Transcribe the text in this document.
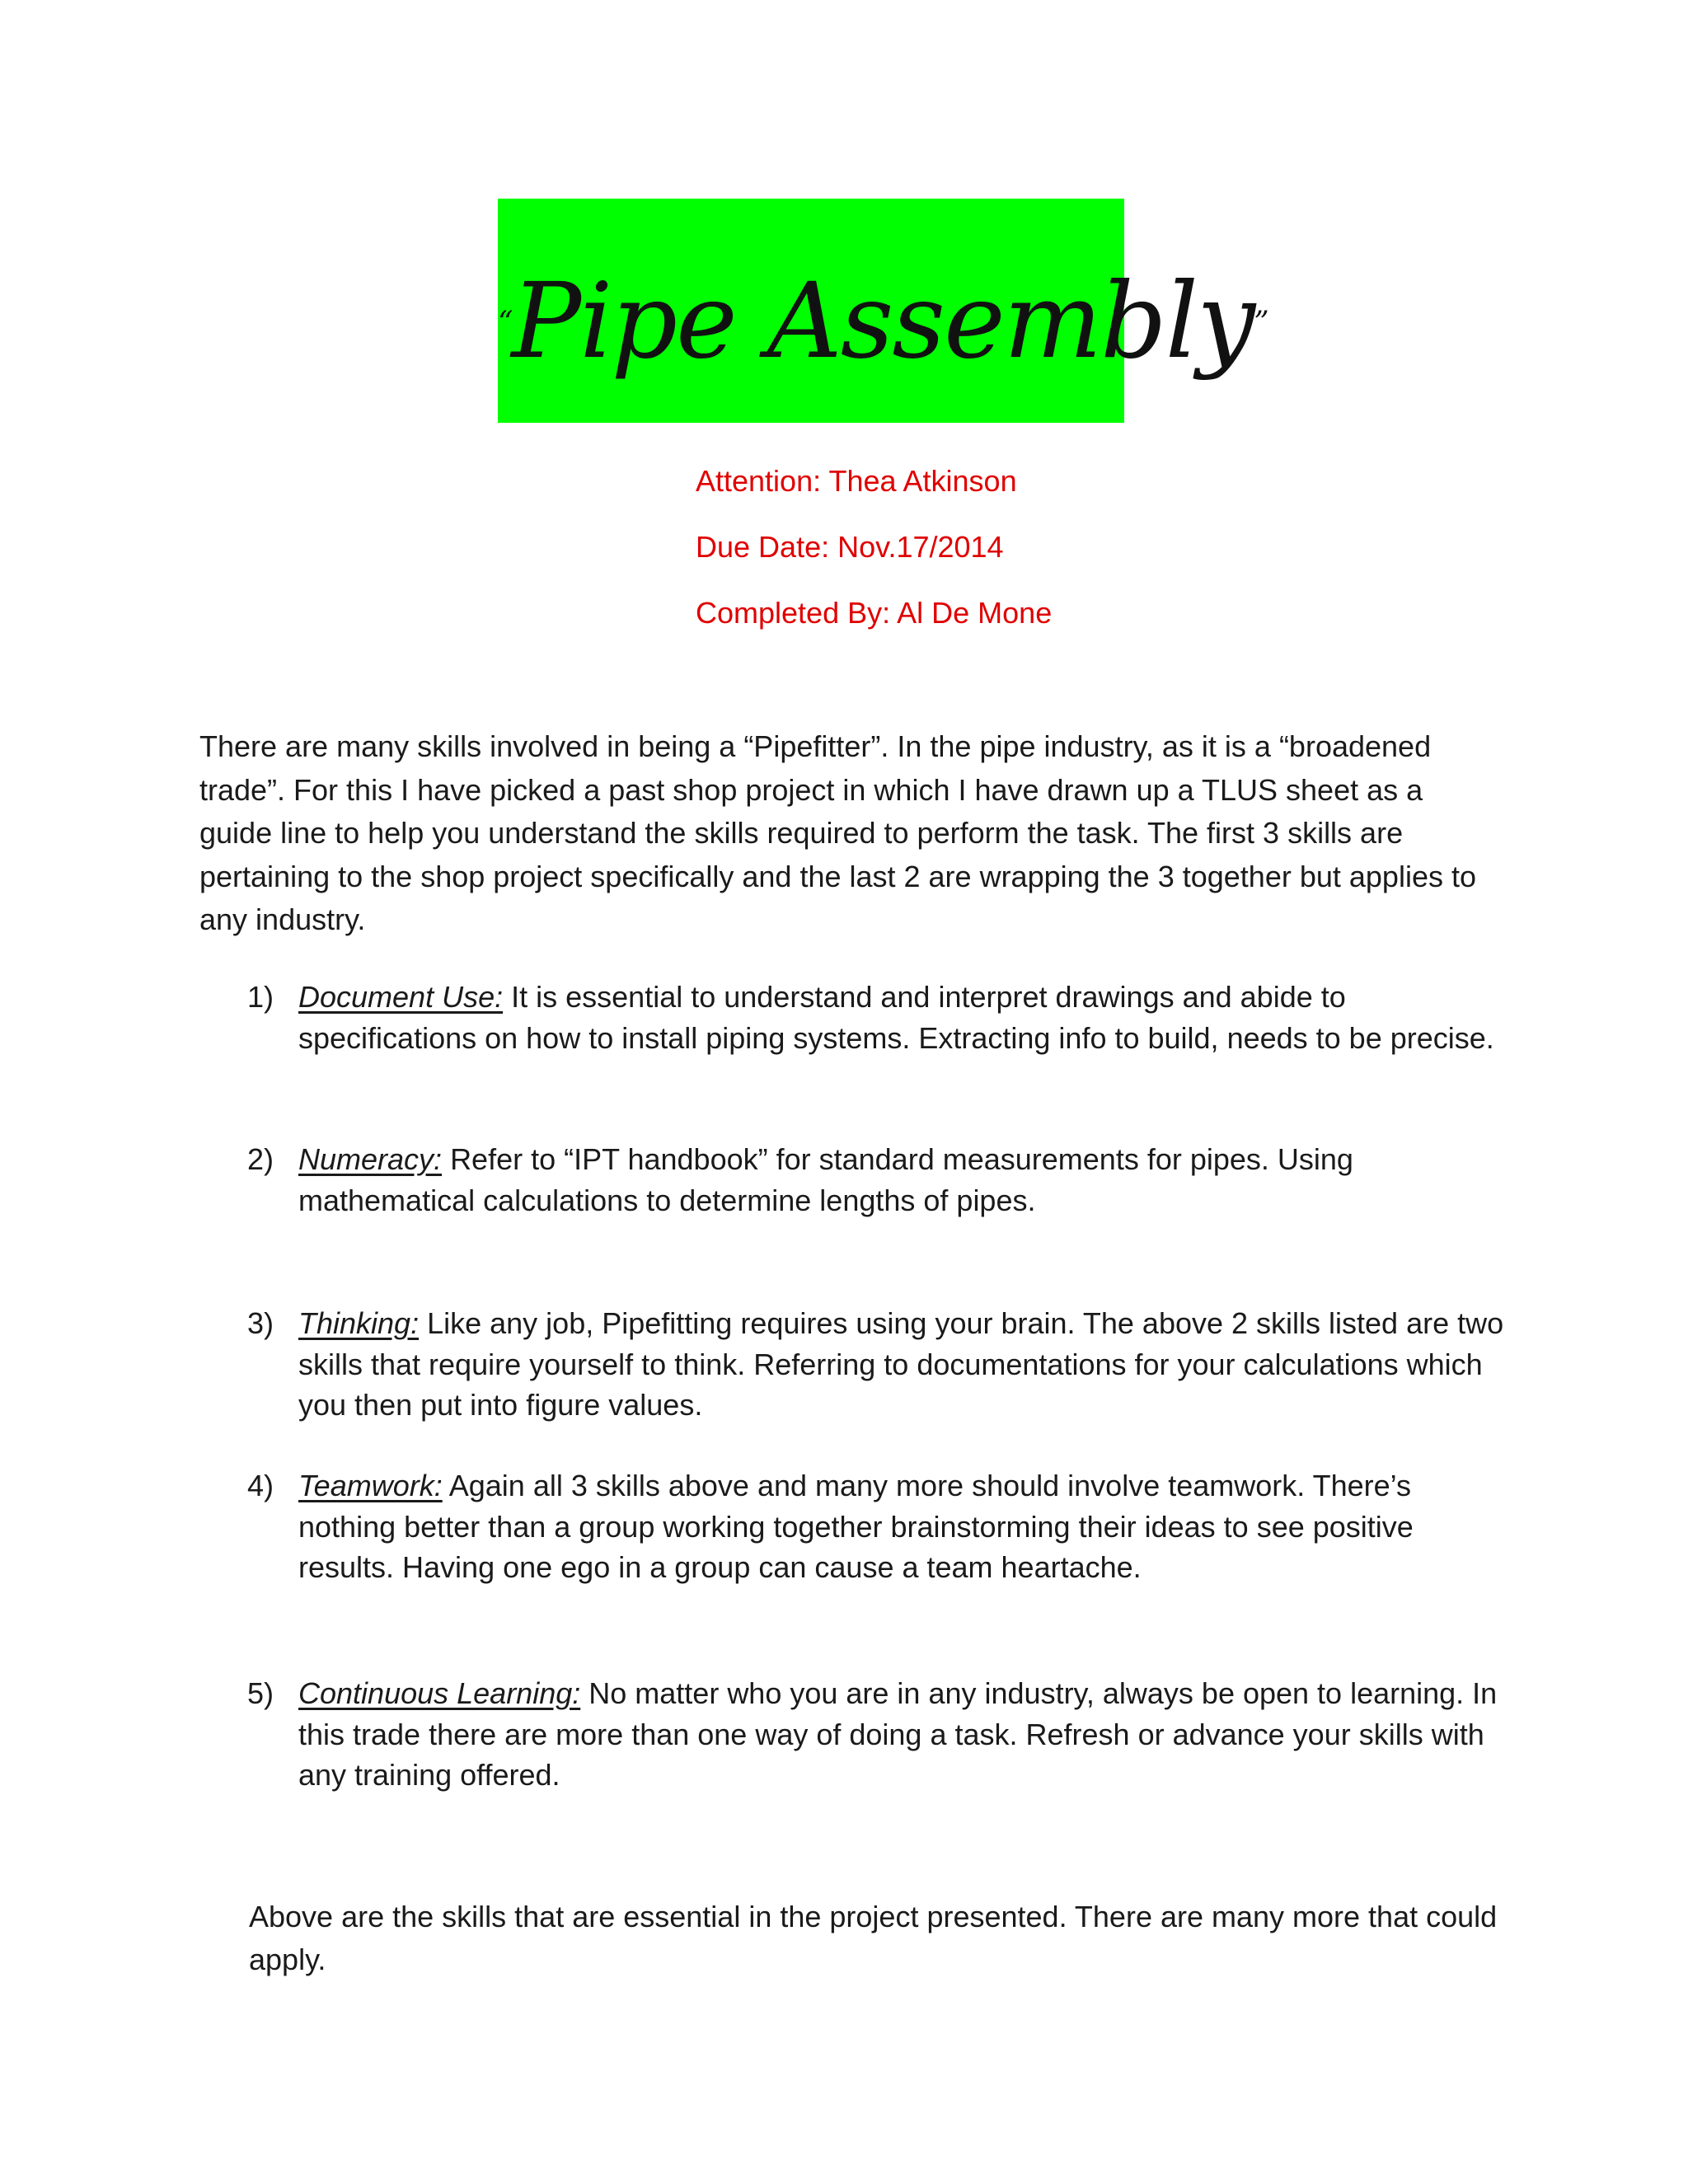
“Pipe Assembly”
Attention: Thea Atkinson
Due Date: Nov.17/2014
Completed By: Al De Mone
There are many skills involved in being a “Pipefitter”. In the pipe industry, as it is a “broadened trade”. For this I have picked a past shop project in which I have drawn up a TLUS sheet as a guide line to help you understand the skills required to perform the task. The first 3 skills are pertaining to the shop project specifically and the last 2 are wrapping the 3 together but applies to any industry.
1) Document Use: It is essential to understand and interpret drawings and abide to specifications on how to install piping systems. Extracting info to build, needs to be precise.
2) Numeracy: Refer to “IPT handbook” for standard measurements for pipes. Using mathematical calculations to determine lengths of pipes.
3) Thinking: Like any job, Pipefitting requires using your brain. The above 2 skills listed are two skills that require yourself to think. Referring to documentations for your calculations which you then put into figure values.
4) Teamwork: Again all 3 skills above and many more should involve teamwork. There’s nothing better than a group working together brainstorming their ideas to see positive results. Having one ego in a group can cause a team heartache.
5) Continuous Learning: No matter who you are in any industry, always be open to learning. In this trade there are more than one way of doing a task. Refresh or advance your skills with any training offered.
Above are the skills that are essential in the project presented. There are many more that could apply.
